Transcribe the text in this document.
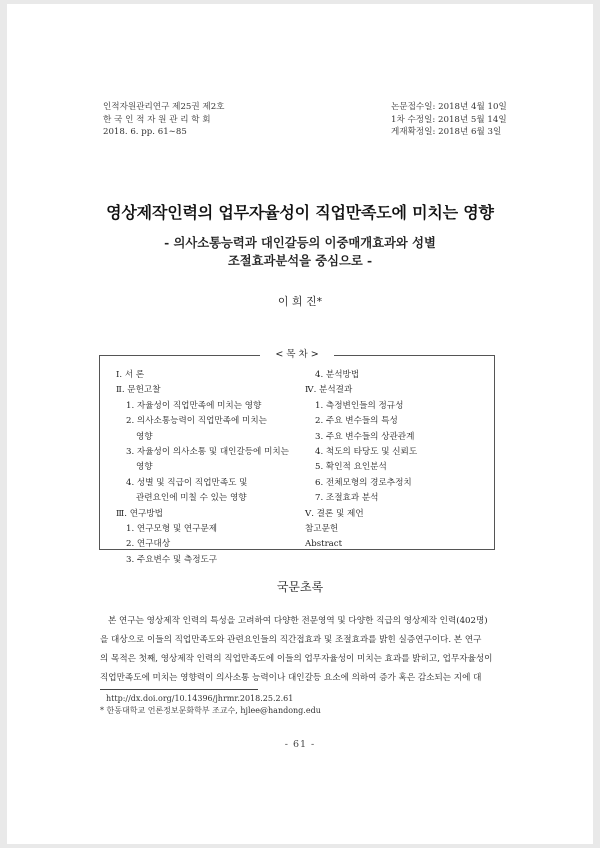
인적자원관리연구 제25권 제2호
한 국 인 적 자 원 관 리 학 회
2018. 6. pp. 61∼85
논문접수일: 2018년 4월 10일
1차 수정일: 2018년 5월 14일
게재확정일: 2018년 6월 3일
영상제작인력의 업무자율성이 직업만족도에 미치는 영향
- 의사소통능력과 대인갈등의 이중매개효과와 성별
조절효과분석을 중심으로 -
이 희 진*
< 목 차 >
Ⅰ. 서 론
Ⅱ. 문헌고찰
1. 자율성이 직업만족에 미치는 영향
2. 의사소통능력이 직업만족에 미치는
영향
3. 자율성이 의사소통 및 대인갈등에 미치는
영향
4. 성별 및 직급이 직업만족도 및
관련요인에 미칠 수 있는 영향
Ⅲ. 연구방법
1. 연구모형 및 연구문제
2. 연구대상
3. 주요변수 및 측정도구
4. 분석방법
Ⅳ. 분석결과
1. 측정변인들의 정규성
2. 주요 변수들의 특성
3. 주요 변수들의 상관관계
4. 척도의 타당도 및 신뢰도
5. 확인적 요인분석
6. 전체모형의 경로추정치
7. 조절효과 분석
Ⅴ. 결론 및 제언
참고문헌
Abstract
국문초록
본 연구는 영상제작 인력의 특성을 고려하여 다양한 전문영역 및 다양한 직급의 영상제작 인력(402명)
을 대상으로 이들의 직업만족도와 관련요인들의 직간접효과 및 조절효과를 밝힌 실증연구이다. 본 연구
의 목적은 첫째, 영상제작 인력의 직업만족도에 이들의 업무자율성이 미치는 효과를 밝히고, 업무자율성이
직업만족도에 미치는 영향력이 의사소통 능력이나 대인갈등 요소에 의하여 증가 혹은 감소되는 지에 대
http://dx.doi.org/10.14396/jhrmr.2018.25.2.61
* 한동대학교 언론정보문화학부 조교수, hjlee@handong.edu
- 61 -
